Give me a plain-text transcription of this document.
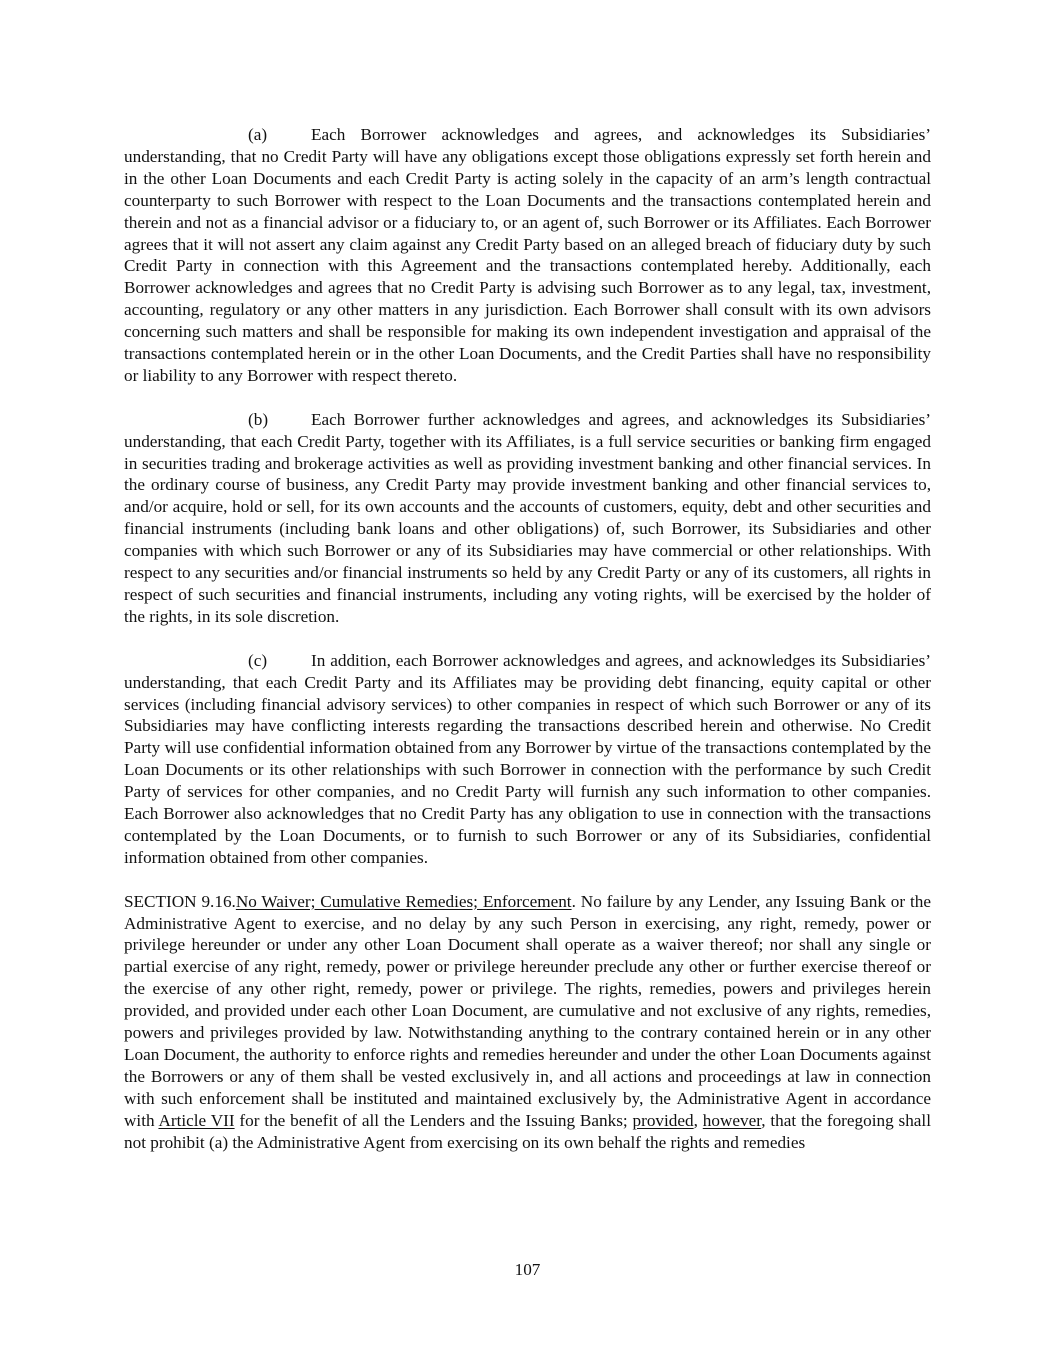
(a)	Each Borrower acknowledges and agrees, and acknowledges its Subsidiaries’ understanding, that no Credit Party will have any obligations except those obligations expressly set forth herein and in the other Loan Documents and each Credit Party is acting solely in the capacity of an arm’s length contractual counterparty to such Borrower with respect to the Loan Documents and the transactions contemplated herein and therein and not as a financial advisor or a fiduciary to, or an agent of, such Borrower or its Affiliates. Each Borrower agrees that it will not assert any claim against any Credit Party based on an alleged breach of fiduciary duty by such Credit Party in connection with this Agreement and the transactions contemplated hereby. Additionally, each Borrower acknowledges and agrees that no Credit Party is advising such Borrower as to any legal, tax, investment, accounting, regulatory or any other matters in any jurisdiction. Each Borrower shall consult with its own advisors concerning such matters and shall be responsible for making its own independent investigation and appraisal of the transactions contemplated herein or in the other Loan Documents, and the Credit Parties shall have no responsibility or liability to any Borrower with respect thereto.

(b) Each Borrower further acknowledges and agrees, and acknowledges its Subsidiaries’ understanding, that each Credit Party, together with its Affiliates, is a full service securities or banking firm engaged in securities trading and brokerage activities as well as providing investment banking and other financial services. In the ordinary course of business, any Credit Party may provide investment banking and other financial services to, and/or acquire, hold or sell, for its own accounts and the accounts of customers, equity, debt and other securities and financial instruments (including bank loans and other obligations) of, such Borrower, its Subsidiaries and other companies with which such Borrower or any of its Subsidiaries may have commercial or other relationships. With respect to any securities and/or financial instruments so held by any Credit Party or any of its customers, all rights in respect of such securities and financial instruments, including any voting rights, will be exercised by the holder of the rights, in its sole discretion.

(c)	In addition, each Borrower acknowledges and agrees, and acknowledges its Subsidiaries’ understanding, that each Credit Party and its Affiliates may be providing debt financing, equity capital or other services (including financial advisory services) to other companies in respect of which such Borrower or any of its Subsidiaries may have conflicting interests regarding the transactions described herein and otherwise. No Credit Party will use confidential information obtained from any Borrower by virtue of the transactions contemplated by the Loan Documents or its other relationships with such Borrower in connection with the performance by such Credit Party of services for other companies, and no Credit Party will furnish any such information to other companies. Each Borrower also acknowledges that no Credit Party has any obligation to use in connection with the transactions contemplated by the Loan Documents, or to furnish to such Borrower or any of its Subsidiaries, confidential information obtained from other companies.

SECTION 9.16.No Waiver; Cumulative Remedies; Enforcement. No failure by any Lender, any Issuing Bank or the Administrative Agent to exercise, and no delay by any such Person in exercising, any right, remedy, power or privilege hereunder or under any other Loan Document shall operate as a waiver thereof; nor shall any single or partial exercise of any right, remedy, power or privilege hereunder preclude any other or further exercise thereof or the exercise of any other right, remedy, power or privilege. The rights, remedies, powers and privileges herein provided, and provided under each other Loan Document, are cumulative and not exclusive of any rights, remedies, powers and privileges provided by law. Notwithstanding anything to the contrary contained herein or in any other Loan Document, the authority to enforce rights and remedies hereunder and under the other Loan Documents against the Borrowers or any of them shall be vested exclusively in, and all actions and proceedings at law in connection with such enforcement shall be instituted and maintained exclusively by, the Administrative Agent in accordance with Article VII for the benefit of all the Lenders and the Issuing Banks; provided, however, that the foregoing shall not prohibit (a) the Administrative Agent from exercising on its own behalf the rights and remedies

107
